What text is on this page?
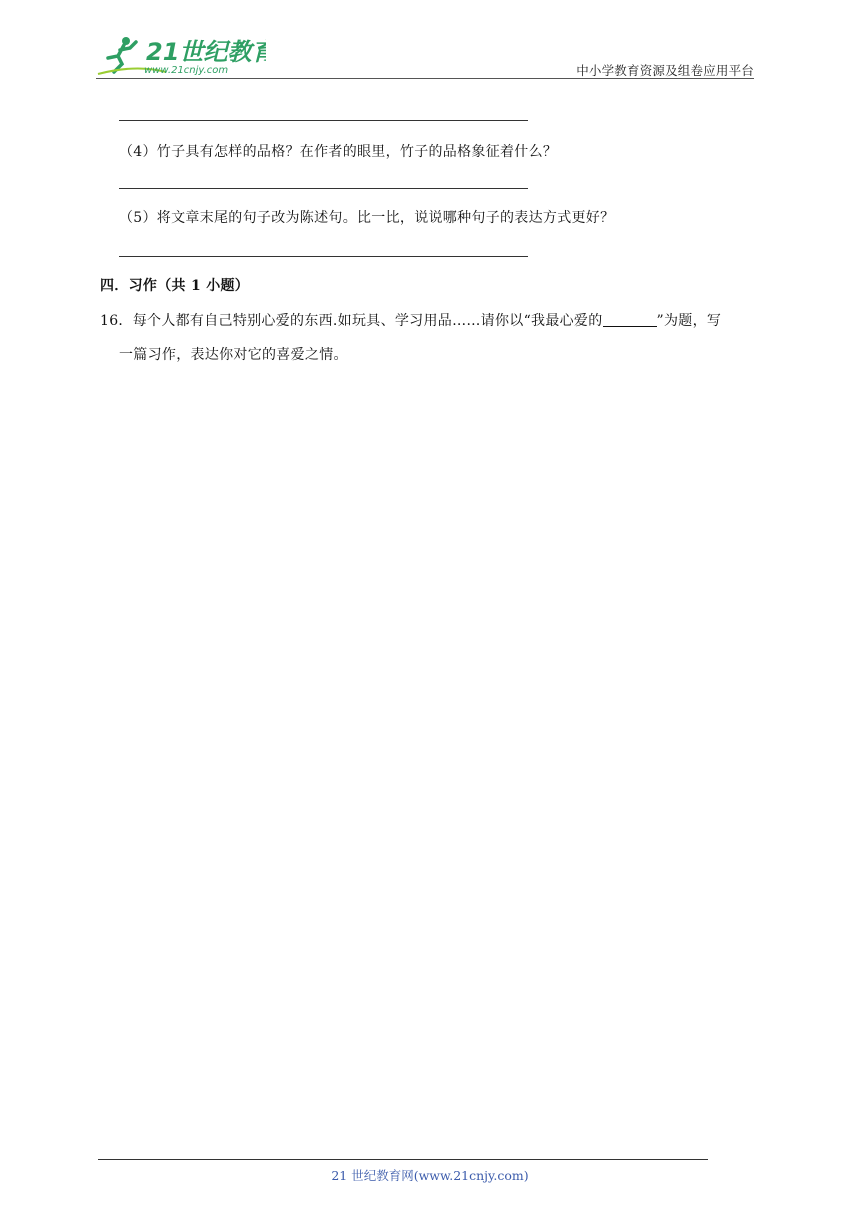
21世纪教育
www.21cnjy.com	中小学教育资源及组卷应用平台
（4）竹子具有怎样的品格？在作者的眼里，竹子的品格象征着什么？
（5）将文章末尾的句子改为陈述句。比一比，说说哪种句子的表达方式更好？
四．习作（共 1 小题）
16．每个人都有自己特别心爱的东西.如玩具、学习用品……请你以“我最心爱的	”为题，写
一篇习作，表达你对它的喜爱之情。
21 世纪教育网(www.21cnjy.com)
